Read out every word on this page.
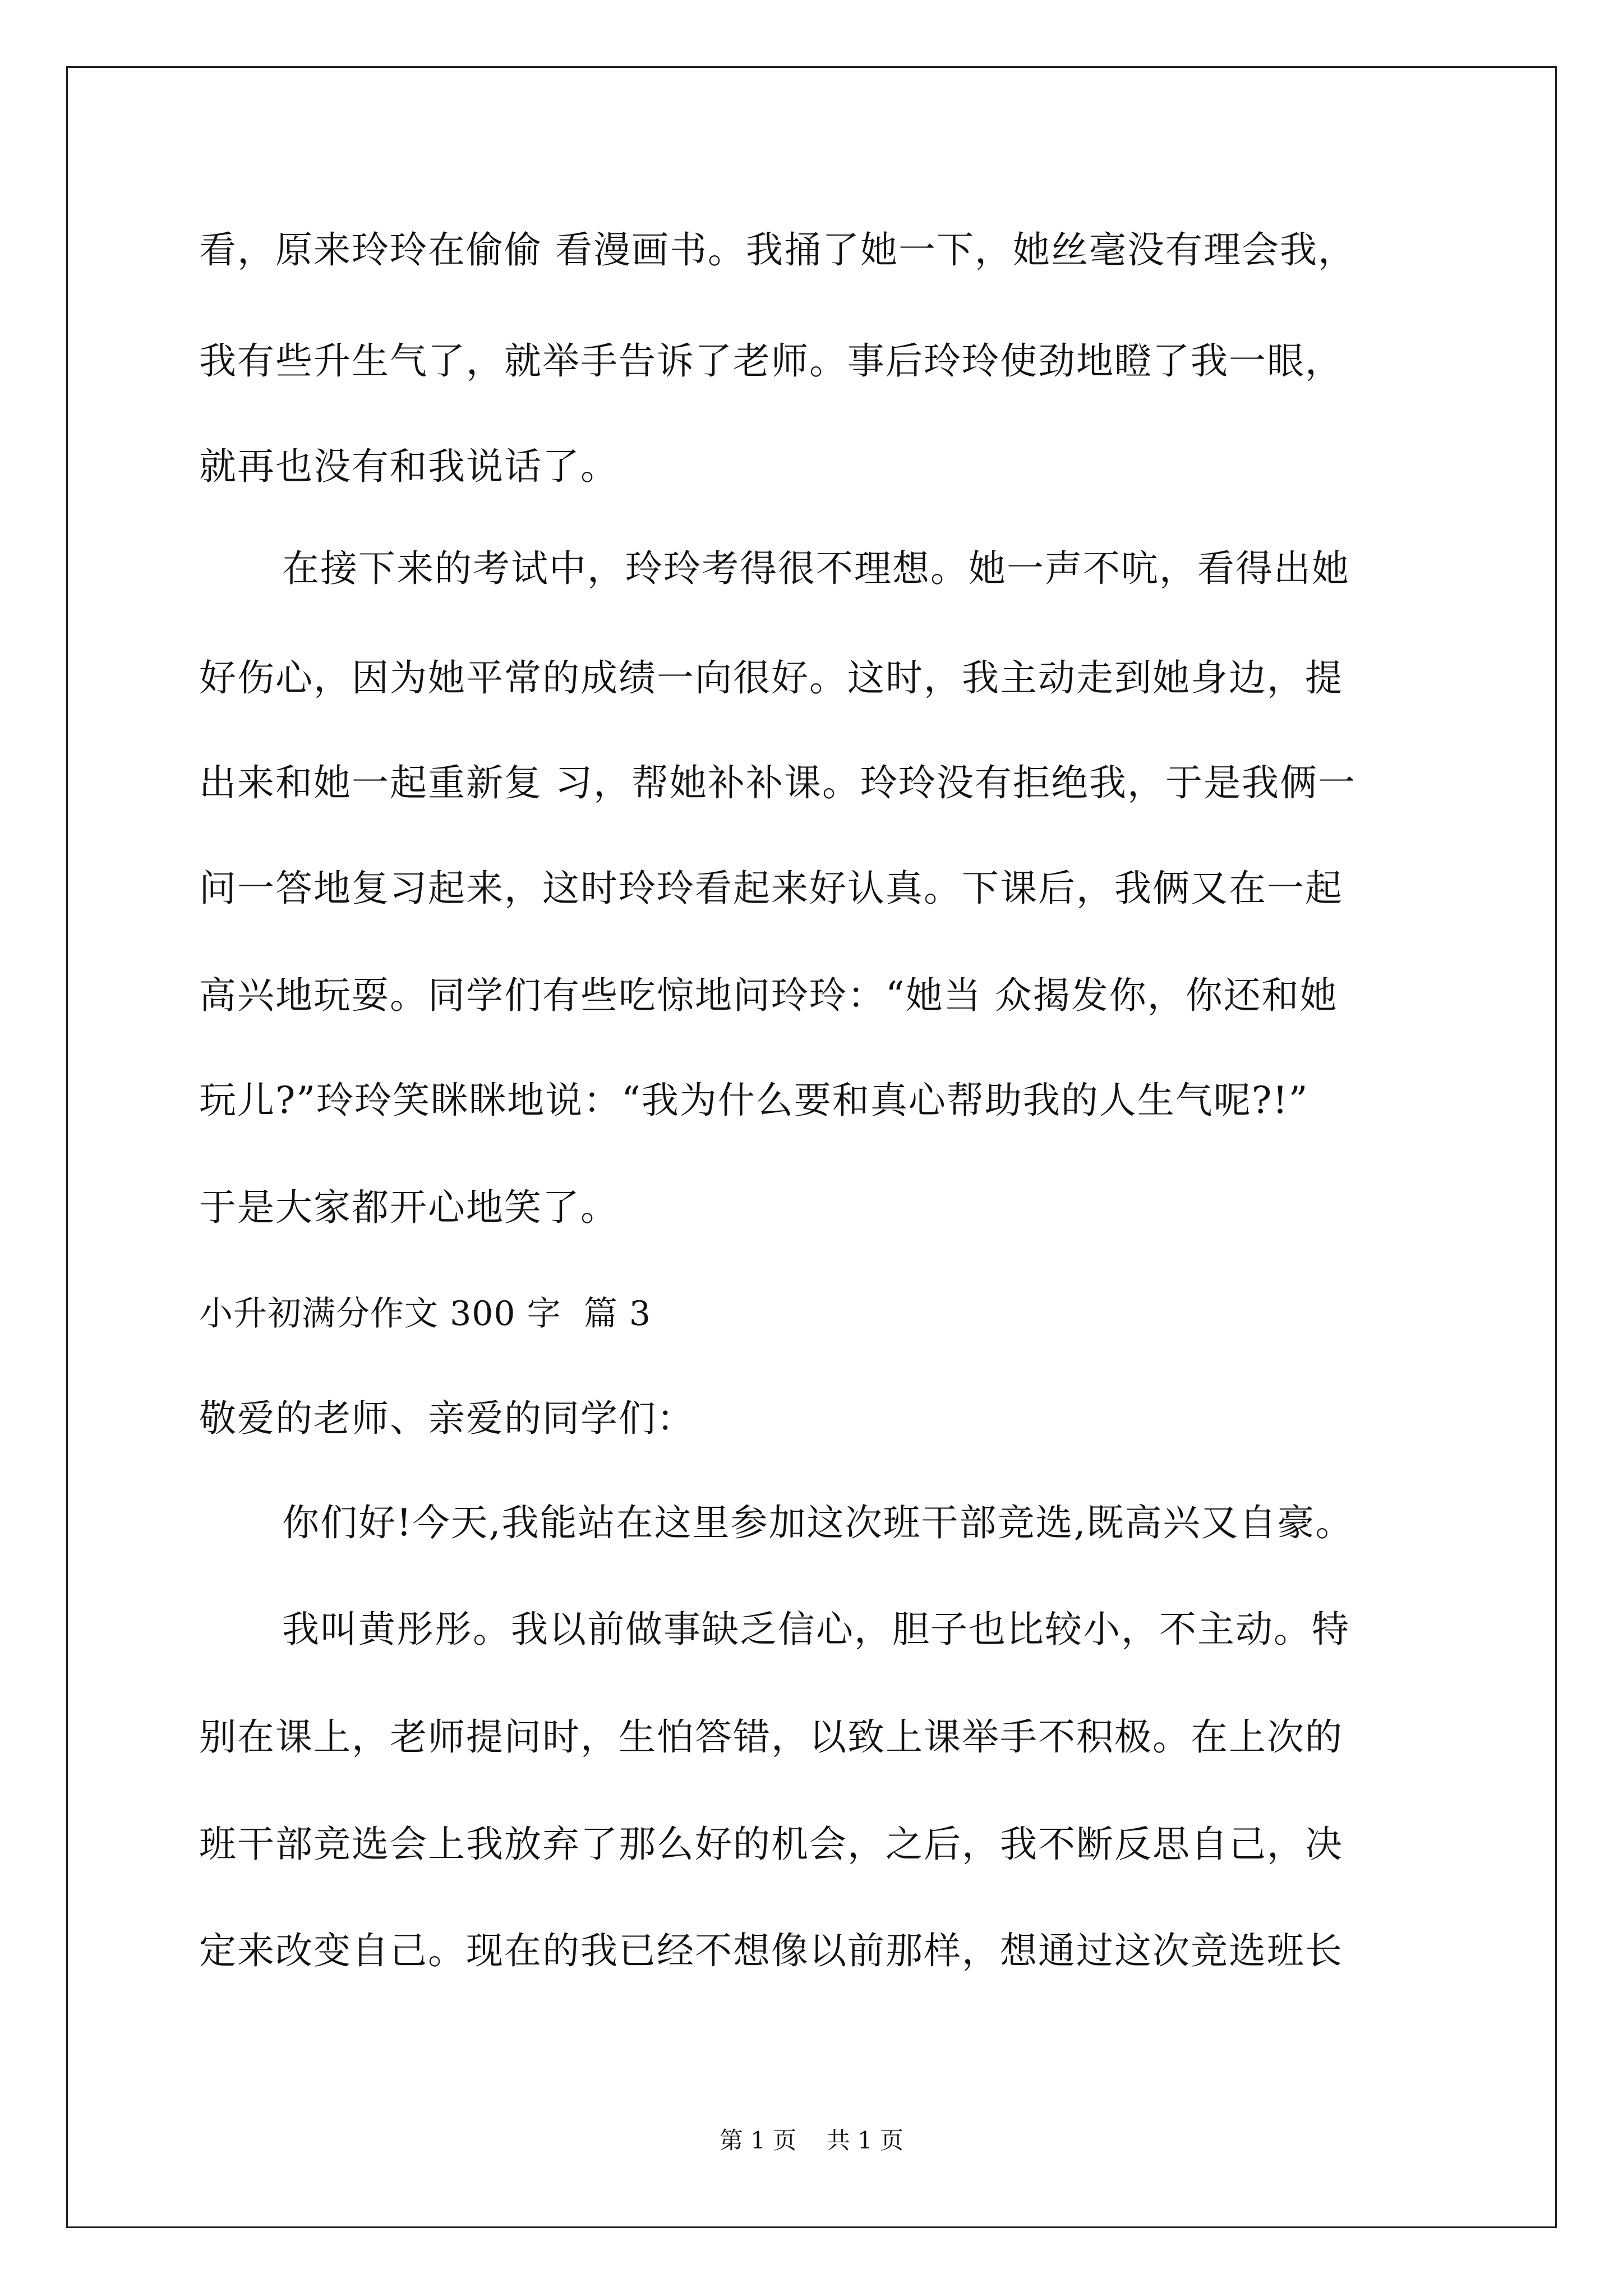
看，原来玲玲在偷偷 看漫画书。我捅了她一下，她丝毫没有理会我，
我有些升生气了，就举手告诉了老师。事后玲玲使劲地瞪了我一眼，
就再也没有和我说话了。
在接下来的考试中，玲玲考得很不理想。她一声不吭，看得出她
好伤心，因为她平常的成绩一向很好。这时，我主动走到她身边，提
出来和她一起重新复 习，帮她补补课。玲玲没有拒绝我，于是我俩一
问一答地复习起来，这时玲玲看起来好认真。下课后，我俩又在一起
高兴地玩耍。同学们有些吃惊地问玲玲：“她当 众揭发你，你还和她
玩儿?”玲玲笑眯眯地说：“我为什么要和真心帮助我的人生气呢?!”
于是大家都开心地笑了。
小升初满分作文 300 字  篇 3
敬爱的老师、亲爱的同学们：
你们好!今天,我能站在这里参加这次班干部竞选,既高兴又自豪。
我叫黄彤彤。我以前做事缺乏信心，胆子也比较小，不主动。特
别在课上，老师提问时，生怕答错，以致上课举手不积极。在上次的
班干部竞选会上我放弃了那么好的机会，之后，我不断反思自己，决
定来改变自己。现在的我已经不想像以前那样，想通过这次竞选班长
第 1 页    共 1 页
